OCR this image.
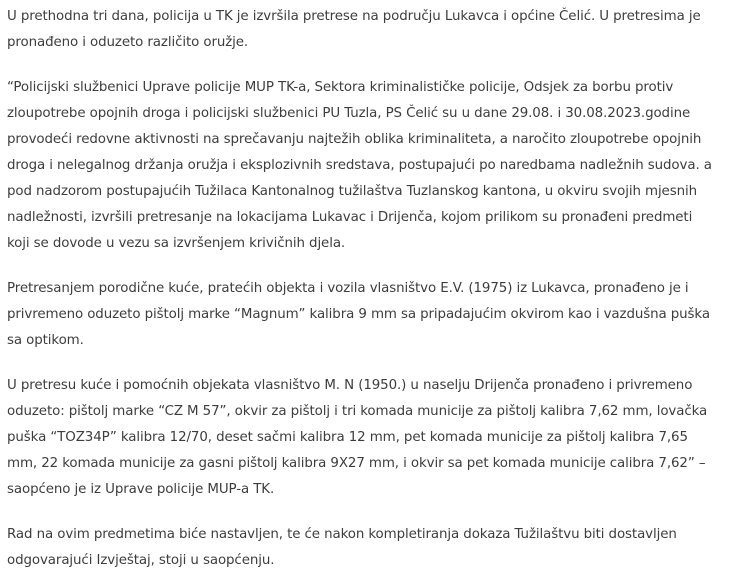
U prethodna tri dana, policija u TK je izvršila pretrese na području Lukavca i općine Čelić. U pretresima je pronađeno i oduzeto različito oružje.

“Policijski službenici Uprave policije MUP TK-a, Sektora kriminalističke policije, Odsjek za borbu protiv zloupotrebe opojnih droga i policijski službenici PU Tuzla, PS Čelić su u dane 29.08. i 30.08.2023.godine provodeći redovne aktivnosti na sprečavanju najtežih oblika kriminaliteta, a naročito zloupotrebe opojnih droga i nelegalnog držanja oružja i eksplozivnih sredstava, postupajući po naredbama nadležnih sudova. a pod nadzorom postupajućih Tužilaca Kantonalnog tužilaštva Tuzlanskog kantona, u okviru svojih mjesnih nadležnosti, izvršili pretresanje na lokacijama Lukavac i Drijenča, kojom prilikom su pronađeni predmeti koji se dovode u vezu sa izvršenjem krivičnih djela.

Pretresanjem porodične kuće, pratećih objekta i vozila vlasništvo E.V. (1975) iz Lukavca, pronađeno je i privremeno oduzeto pištolj marke “Magnum” kalibra 9 mm sa pripadajućim okvirom kao i vazdušna puška sa optikom.

U pretresu kuće i pomoćnih objekata vlasništvo M. N (1950.) u naselju Drijenča pronađeno i privremeno oduzeto: pištolj marke “CZ M 57”, okvir za pištolj i tri komada municije za pištolj kalibra 7,62 mm, lovačka puška “TOZ34P” kalibra 12/70, deset sačmi kalibra 12 mm, pet komada municije za pištolj kalibra 7,65 mm, 22 komada municije za gasni pištolj kalibra 9X27 mm, i okvir sa pet komada municije calibra 7,62” – saopćeno je iz Uprave policije MUP-a TK.

Rad na ovim predmetima biće nastavljen, te će nakon kompletiranja dokaza Tužilaštvu biti dostavljen odgovarajući Izvještaj, stoji u saopćenju.
